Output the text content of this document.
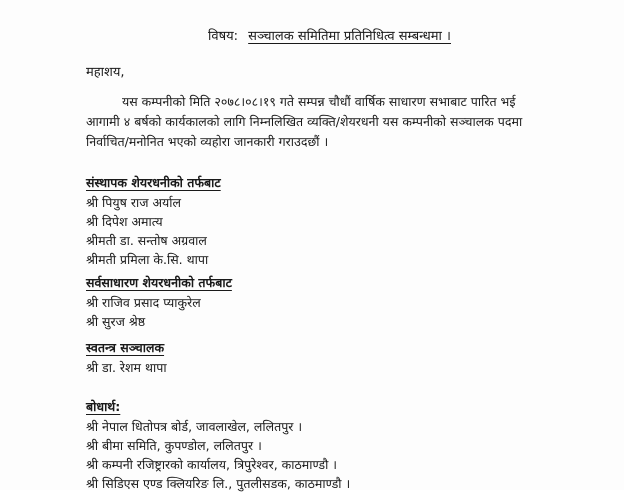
विषय: सञ्चालक समितिमा प्रतिनिधित्व सम्बन्धमा ।
महाशय,
यस कम्पनीको मिति २०७८।०८।१९ गते सम्पन्न चौधौं वार्षिक साधारण सभाबाट पारित भई
आगामी ४ बर्षको कार्यकालको लागि निम्नलिखित व्यक्ति/शेयरधनी यस कम्पनीको सञ्चालक पदमा
निर्वाचित/मनोनित भएको व्यहोरा जानकारी गराउदछौं ।
संस्थापक शेयरधनीको तर्फबाट
श्री पियुष राज अर्याल
श्री दिपेश अमात्य
श्रीमती डा. सन्तोष अग्रवाल
श्रीमती प्रमिला के.सि. थापा
सर्वसाधारण शेयरधनीको तर्फबाट
श्री राजिव प्रसाद प्याकुरेल
श्री सुरज श्रेष्ठ
स्वतन्त्र सञ्चालक
श्री डा. रेशम थापा
बोधार्थ:
श्री नेपाल धितोपत्र बोर्ड, जावलाखेल, ललितपुर ।
श्री बीमा समिति, कुपण्डोल, ललितपुर ।
श्री कम्पनी रजिष्ट्रारको कार्यालय, त्रिपुरेश्वर, काठमाण्डौ ।
श्री सिडिएस एण्ड क्लियरिङ लि., पुतलीसडक, काठमाण्डौ ।
